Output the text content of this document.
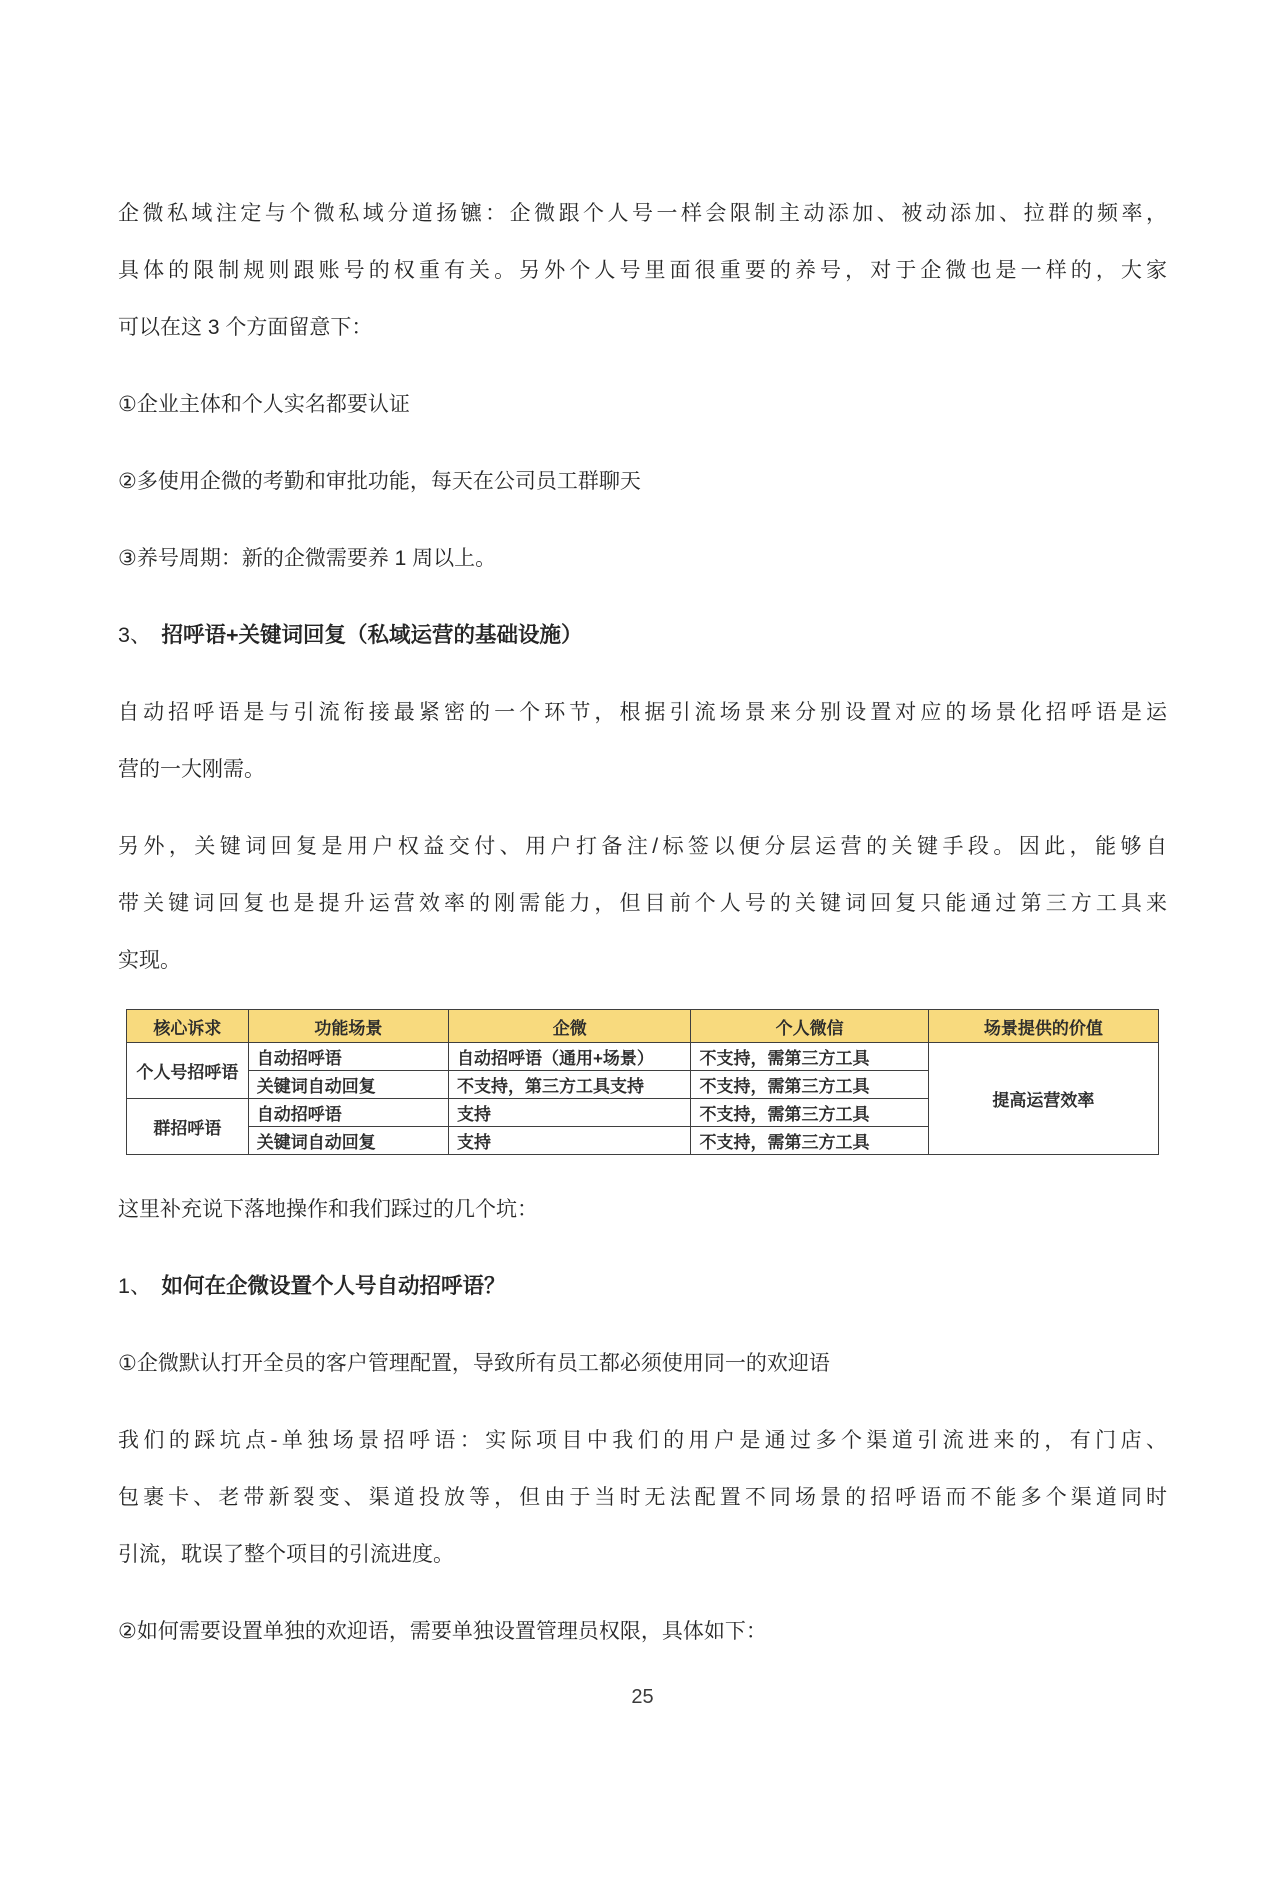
企微私域注定与个微私域分道扬镳：企微跟个人号一样会限制主动添加、被动添加、拉群的频率，
具体的限制规则跟账号的权重有关。另外个人号里面很重要的养号，对于企微也是一样的，大家
可以在这 3 个方面留意下：
①企业主体和个人实名都要认证
②多使用企微的考勤和审批功能，每天在公司员工群聊天
③养号周期：新的企微需要养 1 周以上。
3、 招呼语+关键词回复（私域运营的基础设施）
自动招呼语是与引流衔接最紧密的一个环节，根据引流场景来分别设置对应的场景化招呼语是运
营的一大刚需。
另外，关键词回复是用户权益交付、用户打备注/标签以便分层运营的关键手段。因此，能够自
带关键词回复也是提升运营效率的刚需能力，但目前个人号的关键词回复只能通过第三方工具来
实现。
核心诉求	功能场景	企微	个人微信	场景提供的价值
个人号招呼语	自动招呼语	自动招呼语（通用+场景）	不支持，需第三方工具	提高运营效率
	关键词自动回复	不支持，第三方工具支持	不支持，需第三方工具	
群招呼语	自动招呼语	支持	不支持，需第三方工具	
	关键词自动回复	支持	不支持，需第三方工具	
这里补充说下落地操作和我们踩过的几个坑：
1、 如何在企微设置个人号自动招呼语？
①企微默认打开全员的客户管理配置，导致所有员工都必须使用同一的欢迎语
我们的踩坑点-单独场景招呼语：实际项目中我们的用户是通过多个渠道引流进来的，有门店、
包裹卡、老带新裂变、渠道投放等，但由于当时无法配置不同场景的招呼语而不能多个渠道同时
引流，耽误了整个项目的引流进度。
②如何需要设置单独的欢迎语，需要单独设置管理员权限，具体如下：
25
